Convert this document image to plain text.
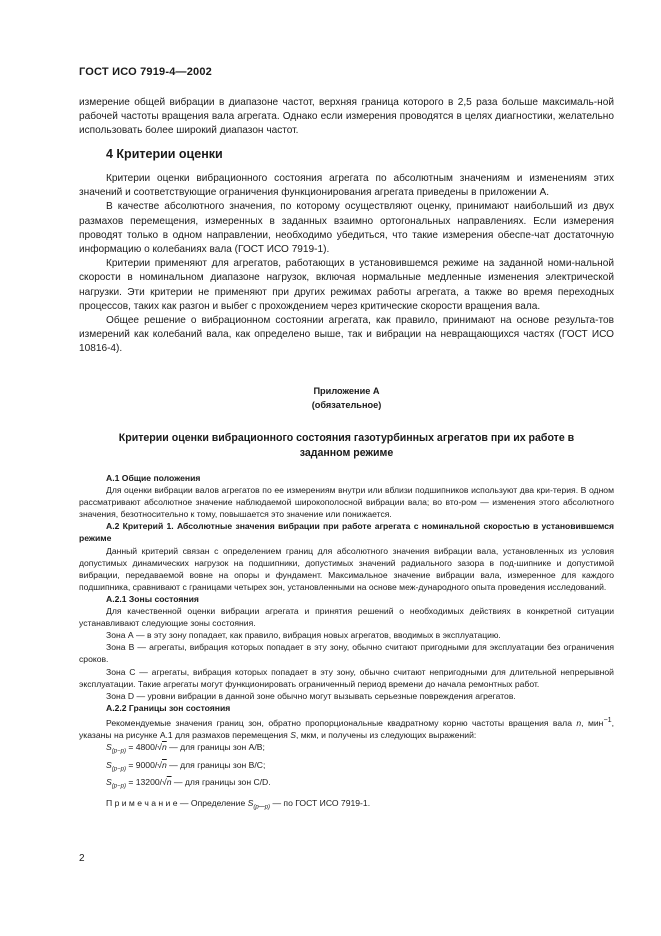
ГОСТ ИСО 7919-4—2002

измерение общей вибрации в диапазоне частот, верхняя граница которого в 2,5 раза больше максималь-ной рабочей частоты вращения вала агрегата. Однако если измерения проводятся в целях диагностики, желательно использовать более широкий диапазон частот.

4 Критерии оценки

Критерии оценки вибрационного состояния агрегата по абсолютным значениям и изменениям этих значений и соответствующие ограничения функционирования агрегата приведены в приложении А.

В качестве абсолютного значения, по которому осуществляют оценку, принимают наибольший из двух размахов перемещения, измеренных в заданных взаимно ортогональных направлениях. Если измерения проводят только в одном направлении, необходимо убедиться, что такие измерения обеспе-чат достаточную информацию о колебаниях вала (ГОСТ ИСО 7919-1).

Критерии применяют для агрегатов, работающих в установившемся режиме на заданной номи-нальной скорости в номинальном диапазоне нагрузок, включая нормальные медленные изменения электрической нагрузки. Эти критерии не применяют при других режимах работы агрегата, а также во время переходных процессов, таких как разгон и выбег с прохождением через критические скорости вращения вала.

Общее решение о вибрационном состоянии агрегата, как правило, принимают на основе результа-тов измерений как колебаний вала, как определено выше, так и вибрации на невращающихся частях (ГОСТ ИСО 10816-4).

Приложение А
(обязательное)
Критерии оценки вибрационного состояния газотурбинных агрегатов при их работе в заданном режиме

А.1 Общие положения

Для оценки вибрации валов агрегатов по ее измерениям внутри или вблизи подшипников используют два кри-терия. В одном рассматривают абсолютное значение наблюдаемой широкополосной вибрации вала; во вто-ром — изменения этого абсолютного значения, безотносительно к тому, повышается это значение или понижается.

А.2 Критерий 1. Абсолютные значения вибрации при работе агрегата с номинальной скоростью в установившемся режиме

Данный критерий связан с определением границ для абсолютного значения вибрации вала, установленных из условия допустимых динамических нагрузок на подшипники, допустимых значений радиального зазора в под-шипнике и допустимой вибрации, передаваемой вовне на опоры и фундамент. Максимальное значение вибрации вала, измеренное для каждого подшипника, сравнивают с границами четырех зон, установленными на основе меж-дународного опыта проведения исследований.

А.2.1 Зоны состояния

Для качественной оценки вибрации агрегата и принятия решений о необходимых действиях в конкретной ситуации устанавливают следующие зоны состояния.

Зона А — в эту зону попадает, как правило, вибрация новых агрегатов, вводимых в эксплуатацию.

Зона В — агрегаты, вибрация которых попадает в эту зону, обычно считают пригодными для эксплуатации без ограничения сроков.

Зона С — агрегаты, вибрация которых попадает в эту зону, обычно считают непригодными для длительной непрерывной эксплуатации. Такие агрегаты могут функционировать ограниченный период времени до начала ремонтных работ.

Зона D — уровни вибрации в данной зоне обычно могут вызывать серьезные повреждения агрегатов.

А.2.2 Границы зон состояния

Рекомендуемые значения границ зон, обратно пропорциональные квадратному корню частоты вращения вала n, мин$^{-1}$, указаны на рисунке А.1 для размахов перемещения S, мкм, и получены из следующих выражений:

$S_{(p-p)} = 4800/√n$ — для границы зон А/В;
$S_{(p-p)} = 9000/√n$ — для границы зон В/С;
$S_{(p-p)} = 13200/√n$ — для границы зон С/D.

П р и м е ч а н и е — Определение $S_{(p—p)}$ — по ГОСТ ИСО 7919-1.

2
